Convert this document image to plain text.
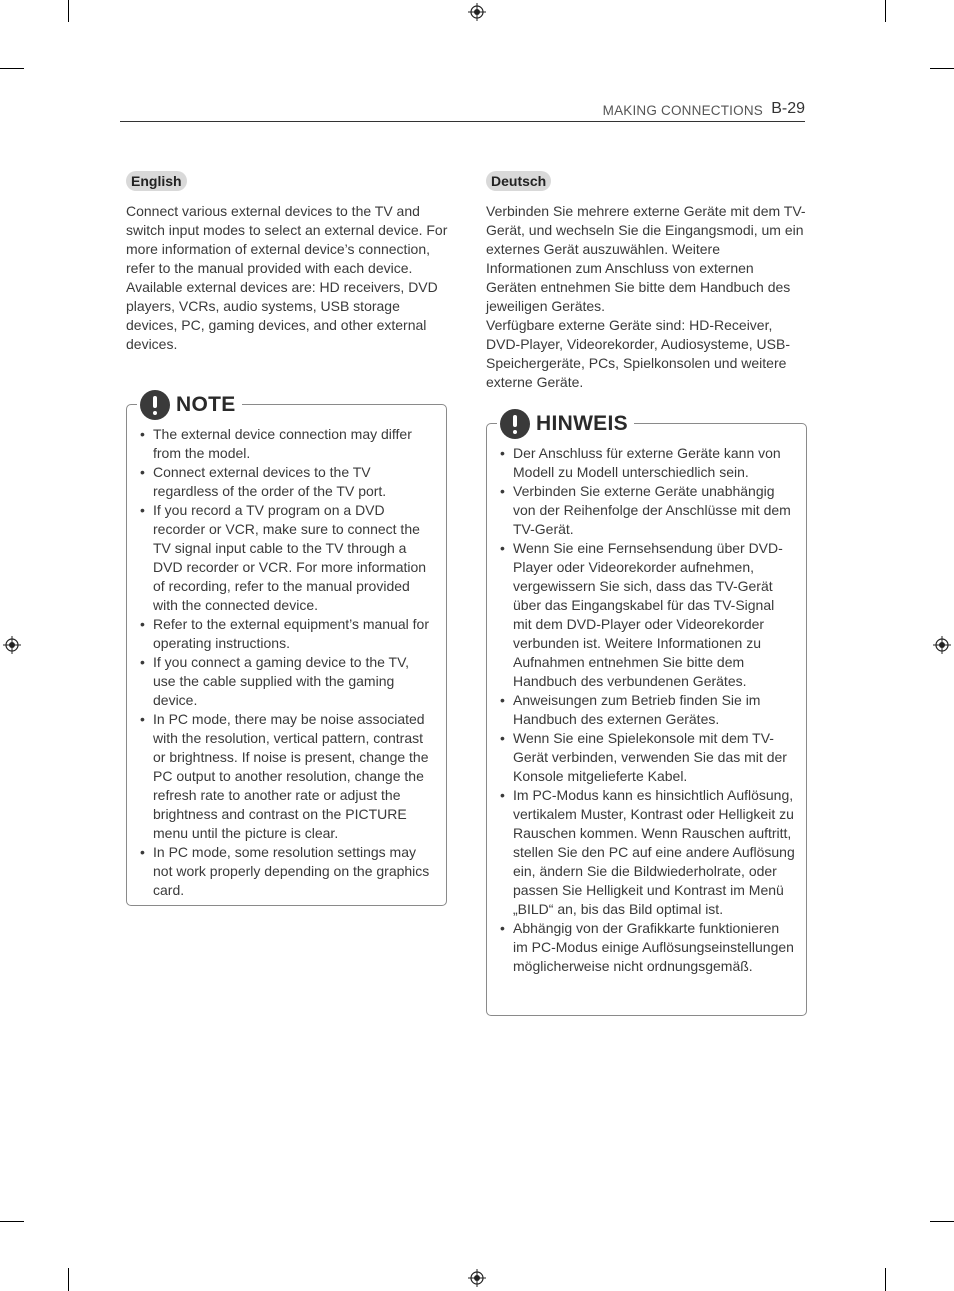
MAKING CONNECTIONS B-29
English

Connect various external devices to the TV and switch input modes to select an external device. For more information of external device’s connection, refer to the manual provided with each device.

Available external devices are: HD receivers, DVD players, VCRs, audio systems, USB storage devices, PC, gaming devices, and other external devices.

NOTE
• The external device connection may differ from the model.
• Connect external devices to the TV regardless of the order of the TV port.
• If you record a TV program on a DVD recorder or VCR, make sure to connect the TV signal input cable to the TV through a DVD recorder or VCR. For more information of recording, refer to the manual provided with the connected device.
• Refer to the external equipment’s manual for operating instructions.
• If you connect a gaming device to the TV, use the cable supplied with the gaming device.
• In PC mode, there may be noise associated with the resolution, vertical pattern, contrast or brightness. If noise is present, change the PC output to another resolution, change the refresh rate to another rate or adjust the brightness and contrast on the PICTURE menu until the picture is clear.
• In PC mode, some resolution settings may not work properly depending on the graphics card.
Deutsch

Verbinden Sie mehrere externe Geräte mit dem TV-Gerät, und wechseln Sie die Eingangsmodi, um ein externes Gerät auszuwählen. Weitere Informationen zum Anschluss von externen Geräten entnehmen Sie bitte dem Handbuch des jeweiligen Gerätes.

Verfügbare externe Geräte sind: HD-Receiver, DVD-Player, Videorekorder, Audiosysteme, USB-Speichergeräte, PCs, Spielkonsolen und weitere externe Geräte.

HINWEIS
• Der Anschluss für externe Geräte kann von Modell zu Modell unterschiedlich sein.
• Verbinden Sie externe Geräte unabhängig von der Reihenfolge der Anschlüsse mit dem TV-Gerät.
• Wenn Sie eine Fernsehsendung über DVD-Player oder Videorekorder aufnehmen, vergewissern Sie sich, dass das TV-Gerät über das Eingangskabel für das TV-Signal mit dem DVD-Player oder Videorekorder verbunden ist. Weitere Informationen zu Aufnahmen entnehmen Sie bitte dem Handbuch des verbundenen Gerätes.
• Anweisungen zum Betrieb finden Sie im Handbuch des externen Gerätes.
• Wenn Sie eine Spielekonsole mit dem TV-Gerät verbinden, verwenden Sie das mit der Konsole mitgelieferte Kabel.
• Im PC-Modus kann es hinsichtlich Auflösung, vertikalem Muster, Kontrast oder Helligkeit zu Rauschen kommen. Wenn Rauschen auftritt, stellen Sie den PC auf eine andere Auflösung ein, ändern Sie die Bildwiederholrate, oder passen Sie Helligkeit und Kontrast im Menü „BILD“ an, bis das Bild optimal ist.
• Abhängig von der Grafikkarte funktionieren im PC-Modus einige Auflösungseinstellungen möglicherweise nicht ordnungsgemäß.
